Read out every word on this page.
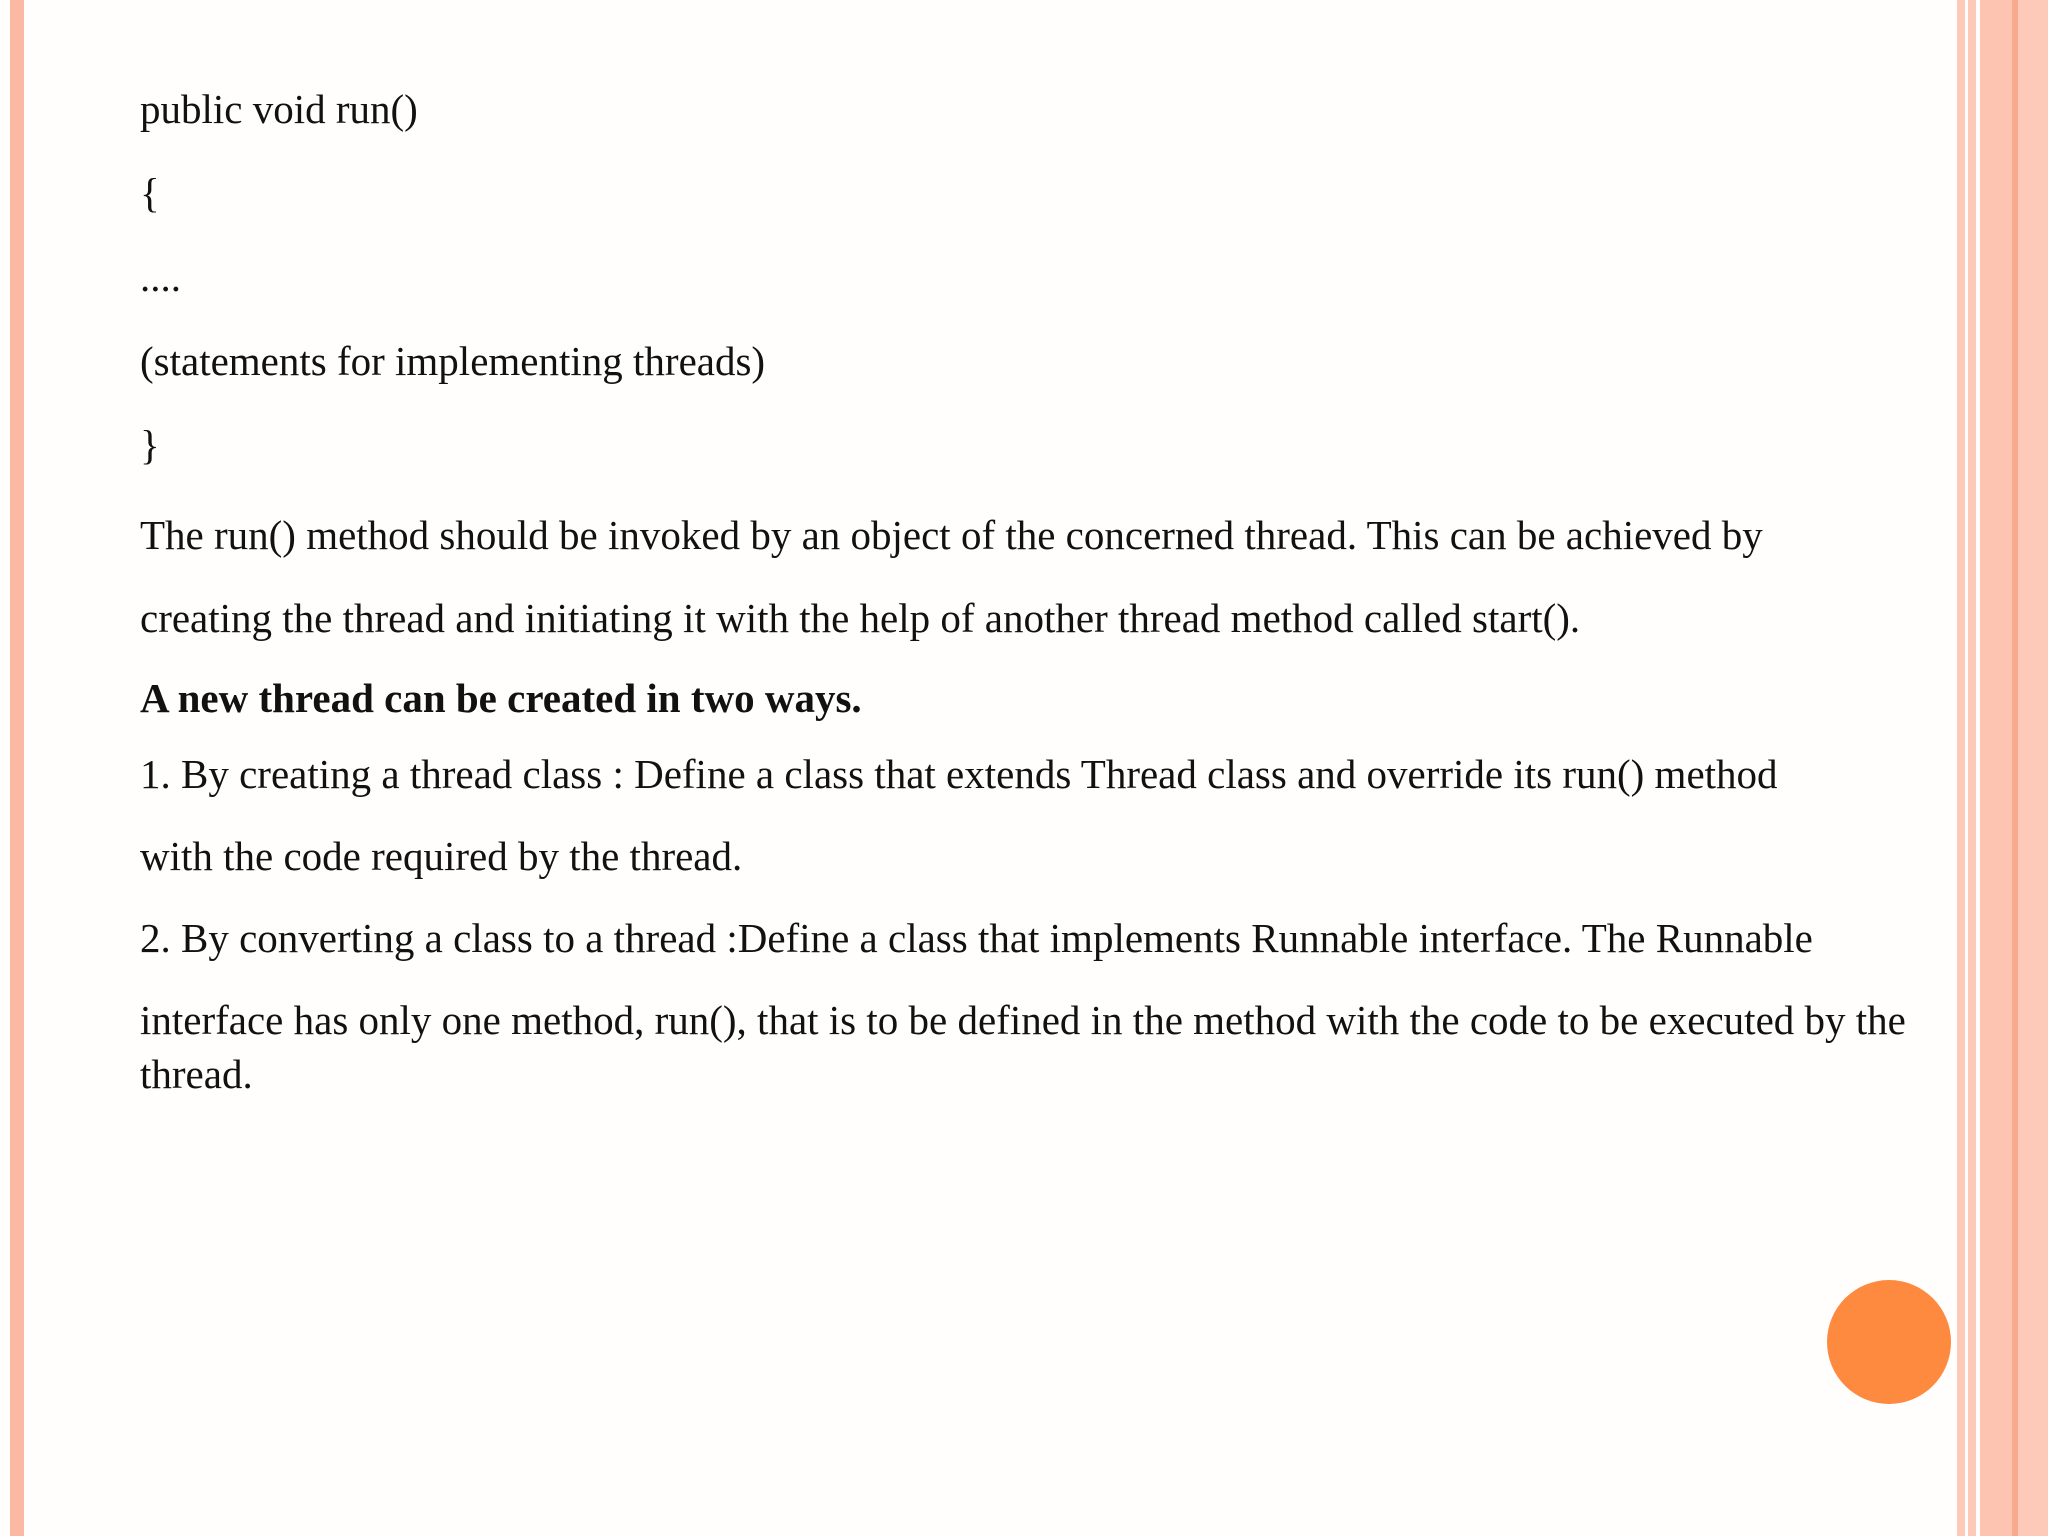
public void run()

{

....

(statements for implementing threads)

}

The run() method should be invoked by an object of the concerned thread. This can be achieved by

creating the thread and initiating it with the help of another thread method called start().

A new thread can be created in two ways.

1. By creating a thread class : Define a class that extends Thread class and override its run() method

with the code required by the thread.

2. By converting a class to a thread :Define a class that implements Runnable interface. The Runnable

interface has only one method, run(), that is to be defined in the method with the code to be executed by the thread.
